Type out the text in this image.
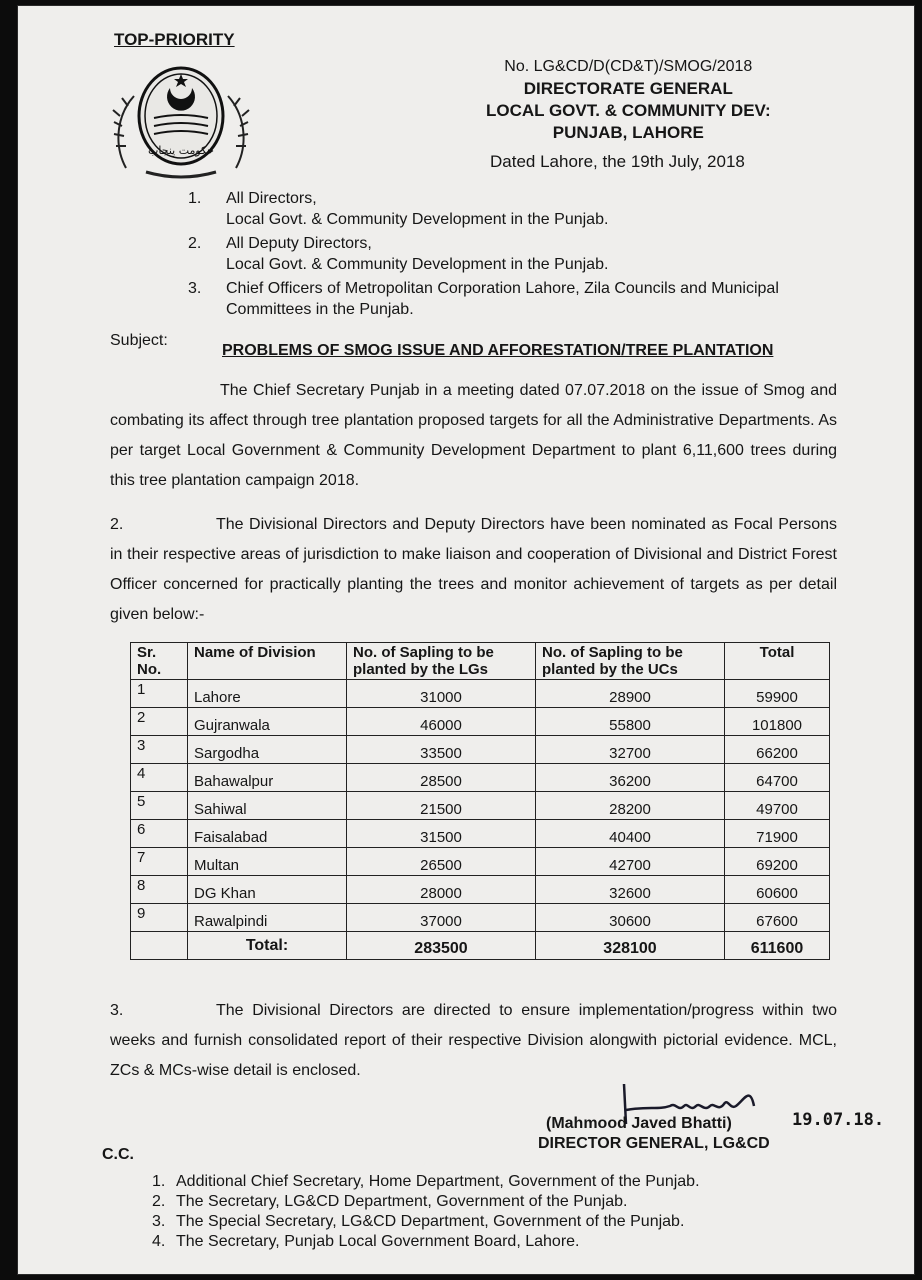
TOP-PRIORITY
حکومت پنجاب
No. LG&CD/D(CD&T)/SMOG/2018
DIRECTORATE GENERAL
LOCAL GOVT. & COMMUNITY DEV:
PUNJAB, LAHORE
Dated Lahore, the 19th July, 2018
1.	All Directors,
Local Govt. & Community Development in the Punjab.
2.	All Deputy Directors,
Local Govt. & Community Development in the Punjab.
3.	Chief Officers of Metropolitan Corporation Lahore, Zila Councils and Municipal
Committees in the Punjab.
Subject:
PROBLEMS OF SMOG ISSUE AND AFFORESTATION/TREE PLANTATION
The Chief Secretary Punjab in a meeting dated 07.07.2018 on the issue of Smog and combating its affect through tree plantation proposed targets for all the Administrative Departments. As per target Local Government & Community Development Department to plant 6,11,600 trees during this tree plantation campaign 2018.
2.	The Divisional Directors and Deputy Directors have been nominated as Focal Persons in their respective areas of jurisdiction to make liaison and cooperation of Divisional and District Forest Officer concerned for practically planting the trees and monitor achievement of targets as per detail given below:-
Sr.
No.	Name of Division	No. of Sapling to be
planted by the LGs	No. of Sapling to be
planted by the UCs	Total
1	Lahore	31000	28900	59900
2	Gujranwala	46000	55800	101800
3	Sargodha	33500	32700	66200
4	Bahawalpur	28500	36200	64700
5	Sahiwal	21500	28200	49700
6	Faisalabad	31500	40400	71900
7	Multan	26500	42700	69200
8	DG Khan	28000	32600	60600
9	Rawalpindi	37000	30600	67600
	Total:	283500	328100	611600
3.	The Divisional Directors are directed to ensure implementation/progress within two weeks and furnish consolidated report of their respective Division alongwith pictorial evidence. MCL, ZCs & MCs-wise detail is enclosed.
(Mahmood Javed Bhatti)
DIRECTOR GENERAL, LG&CD
19.07.18.
C.C.
1. Additional Chief Secretary, Home Department, Government of the Punjab.
2. The Secretary, LG&CD Department, Government of the Punjab.
3. The Special Secretary, LG&CD Department, Government of the Punjab.
4. The Secretary, Punjab Local Government Board, Lahore.
